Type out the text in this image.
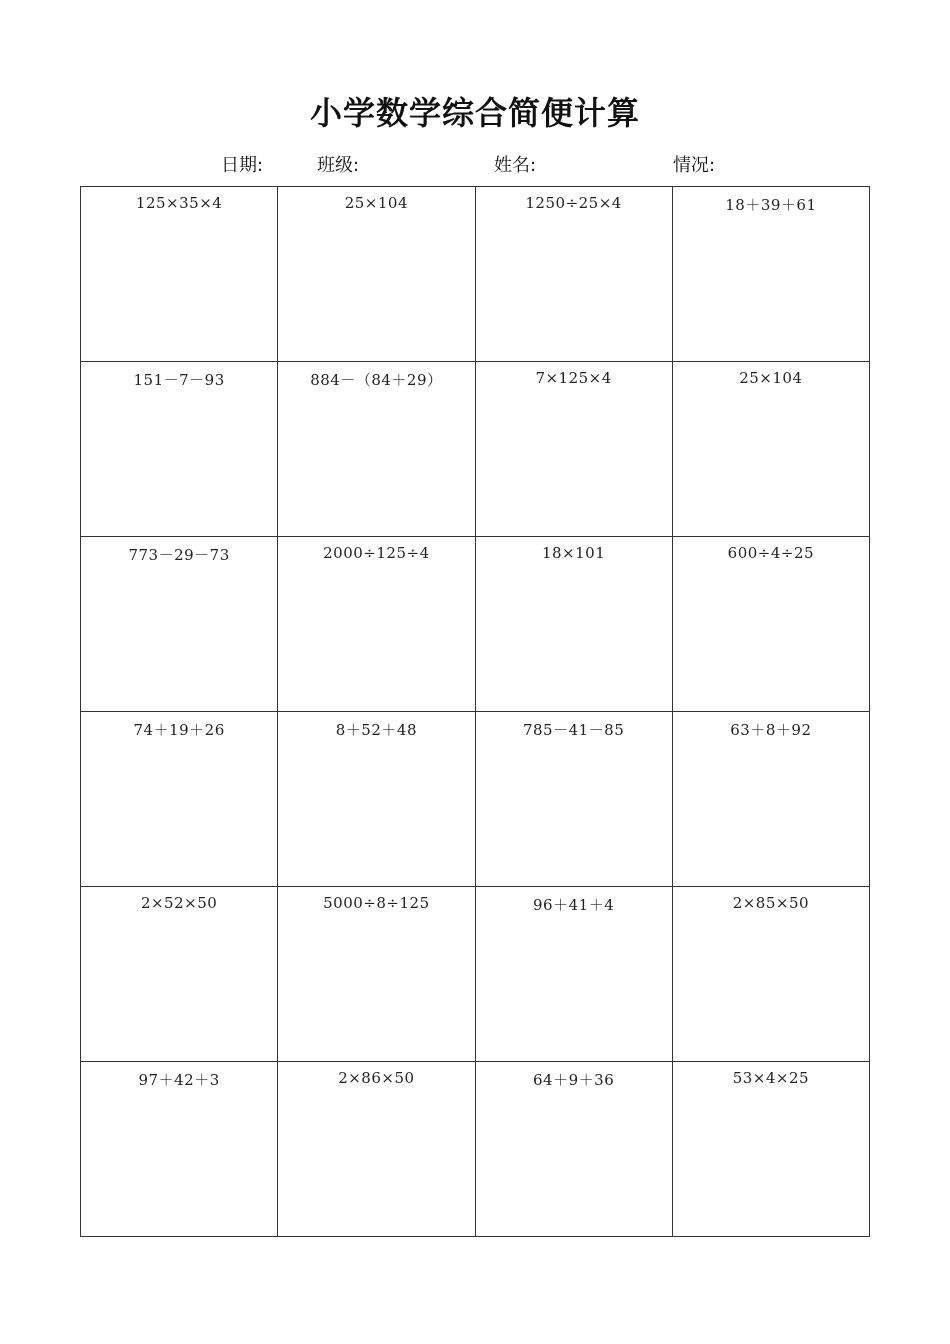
小学数学综合简便计算
日期:	班级:	姓名:	情况:
125×35×4	25×104	1250÷25×4	18＋39＋61

151－7－93	884－（84＋29）	7×125×4	25×104

773－29－73	2000÷125÷4	18×101	600÷4÷25

74＋19＋26	8＋52＋48	785－41－85	63＋8＋92

2×52×50	5000÷8÷125	96＋41＋4	2×85×50

97＋42＋3	2×86×50	64＋9＋36	53×4×25
